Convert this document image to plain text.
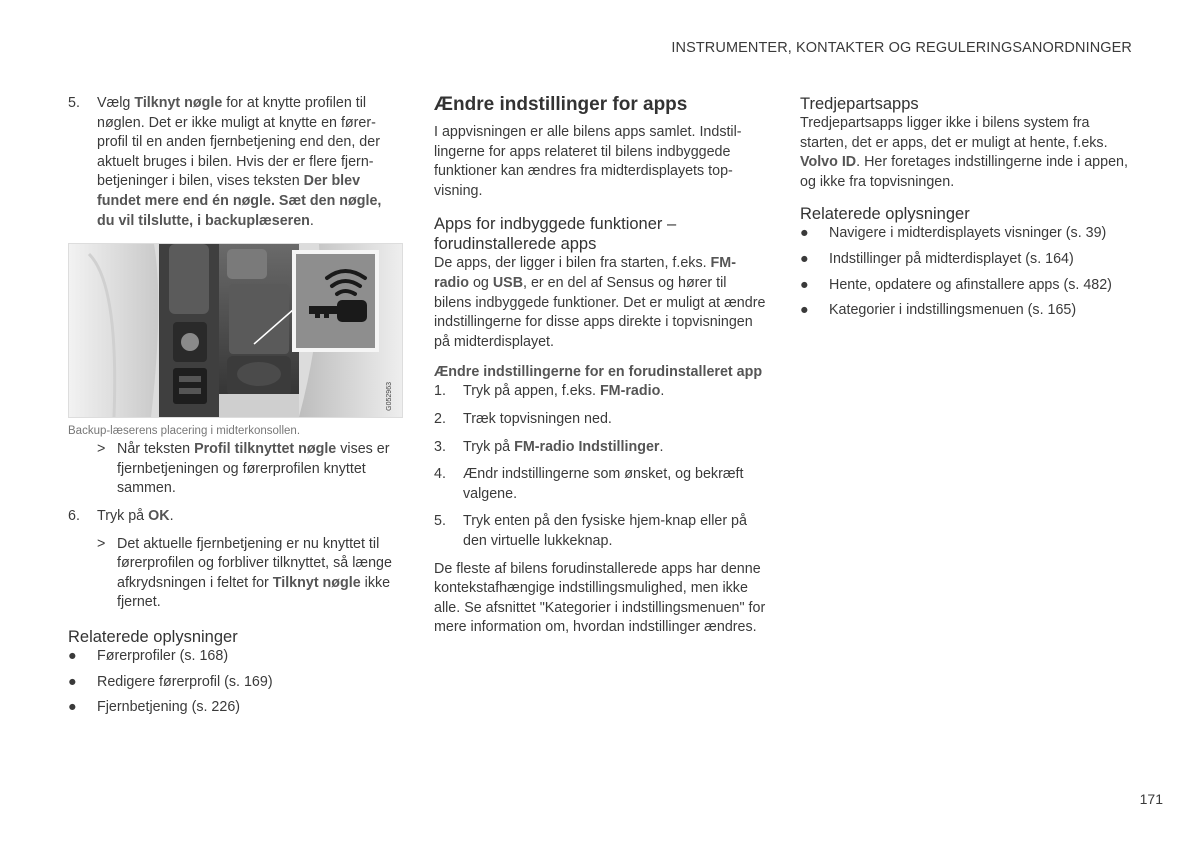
INSTRUMENTER, KONTAKTER OG REGULERINGSANORDNINGER
5.	Vælg Tilknyt nøgle for at knytte profilen til nøglen. Det er ikke muligt at knytte en førerprofil til en anden fjernbetjening end den, der aktuelt bruges i bilen. Hvis der er flere fjernbetjeninger i bilen, vises teksten Der blev fundet mere end én nøgle. Sæt den nøgle, du vil tilslutte, i backuplæseren.
G052963
Backup-læserens placering i midterkonsollen.
> Når teksten Profil tilknyttet nøgle vises er fjernbetjeningen og førerprofilen knyttet sammen.
6.	Tryk på OK.
> Det aktuelle fjernbetjening er nu knyttet til førerprofilen og forbliver tilknyttet, så længe afkrydsningen i feltet for Tilknyt nøgle ikke fjernet.
Relaterede oplysninger
●	Førerprofiler (s. 168)
●	Redigere førerprofil (s. 169)
●	Fjernbetjening (s. 226)
Ændre indstillinger for apps

I appvisningen er alle bilens apps samlet. Indstillingerne for apps relateret til bilens indbyggede funktioner kan ændres fra midterdisplayets topvisning.

Apps for indbyggede funktioner – forudinstallerede apps

De apps, der ligger i bilen fra starten, f.eks. FM-radio og USB, er en del af Sensus og hører til bilens indbyggede funktioner. Det er muligt at ændre indstillingerne for disse apps direkte i topvisningen på midterdisplayet.

Ændre indstillingerne for en forudinstalleret app
1.	Tryk på appen, f.eks. FM-radio.
2.	Træk topvisningen ned.
3.	Tryk på FM-radio Indstillinger.
4.	Ændr indstillingerne som ønsket, og bekræft valgene.
5.	Tryk enten på den fysiske hjem-knap eller på den virtuelle lukkeknap.

De fleste af bilens forudinstallerede apps har denne kontekstafhængige indstillingsmulighed, men ikke alle. Se afsnittet "Kategorier i indstillingsmenuen" for mere information om, hvordan indstillinger ændres.

Tredjepartsapps

Tredjepartsapps ligger ikke i bilens system fra starten, det er apps, det er muligt at hente, f.eks. Volvo ID. Her foretages indstillingerne inde i appen, og ikke fra topvisningen.

Relaterede oplysninger
●	Navigere i midterdisplayets visninger (s. 39)
●	Indstillinger på midterdisplayet (s. 164)
●	Hente, opdatere og afinstallere apps (s. 482)
●	Kategorier i indstillingsmenuen (s. 165)
171
